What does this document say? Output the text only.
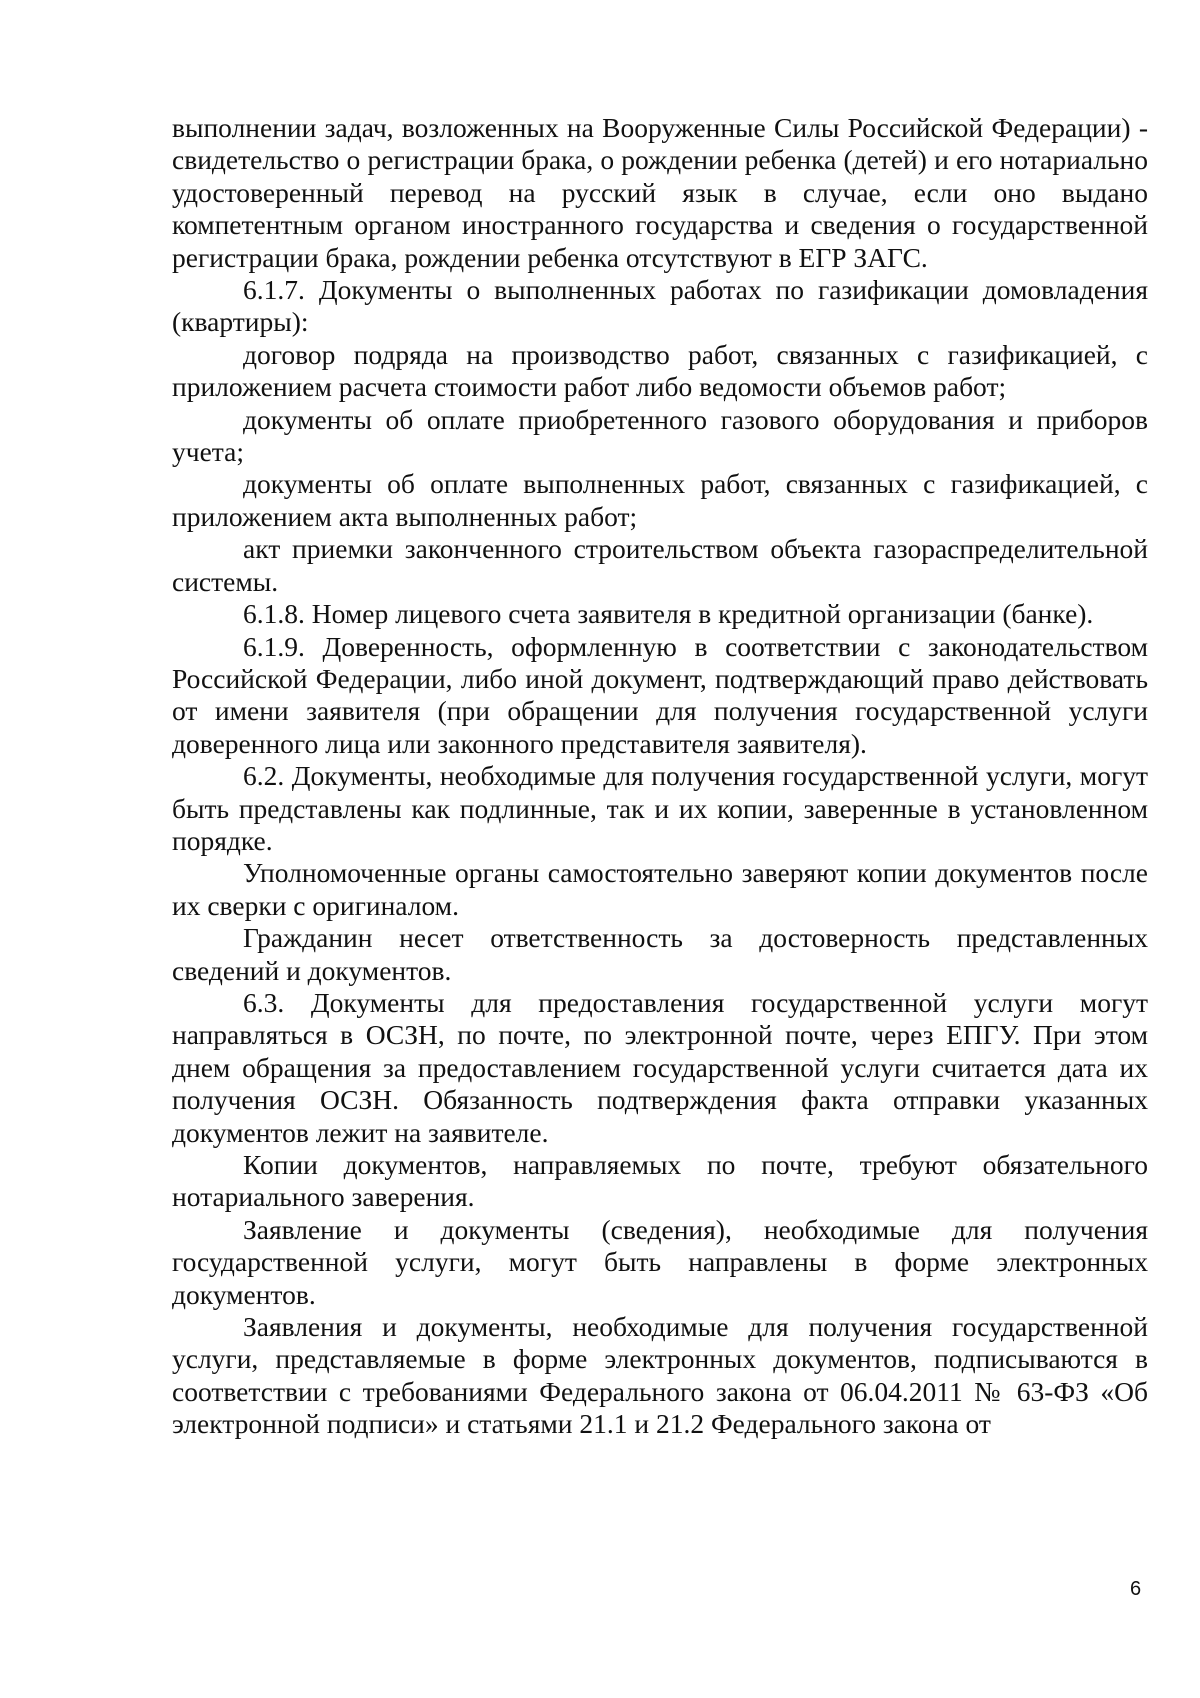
выполнении задач, возложенных на Вооруженные Силы Российской Федерации) - свидетельство о регистрации брака, о рождении ребенка (детей) и его нотариально удостоверенный перевод на русский язык в случае, если оно выдано компетентным органом иностранного государства и сведения о государственной регистрации брака, рождении ребенка отсутствуют в ЕГР ЗАГС.

6.1.7. Документы о выполненных работах по газификации домовладения (квартиры):

договор подряда на производство работ, связанных с газификацией, с приложением расчета стоимости работ либо ведомости объемов работ;

документы об оплате приобретенного газового оборудования и приборов учета;

документы об оплате выполненных работ, связанных с газификацией, с приложением акта выполненных работ;

акт приемки законченного строительством объекта газораспределительной системы.

6.1.8. Номер лицевого счета заявителя в кредитной организации (банке).

6.1.9. Доверенность, оформленную в соответствии с законодательством Российской Федерации, либо иной документ, подтверждающий право действовать от имени заявителя (при обращении для получения государственной услуги доверенного лица или законного представителя заявителя).

6.2. Документы, необходимые для получения государственной услуги, могут быть представлены как подлинные, так и их копии, заверенные в установленном порядке.

Уполномоченные органы самостоятельно заверяют копии документов после их сверки с оригиналом.

Гражданин несет ответственность за достоверность представленных сведений и документов.

6.3. Документы для предоставления государственной услуги могут направляться в ОСЗН, по почте, по электронной почте, через ЕПГУ. При этом днем обращения за предоставлением государственной услуги считается дата их получения ОСЗН. Обязанность подтверждения факта отправки указанных документов лежит на заявителе.

Копии документов, направляемых по почте, требуют обязательного нотариального заверения.

Заявление и документы (сведения), необходимые для получения государственной услуги, могут быть направлены в форме электронных документов.

Заявления и документы, необходимые для получения государственной услуги, представляемые в форме электронных документов, подписываются в соответствии с требованиями Федерального закона от 06.04.2011 № 63-ФЗ «Об электронной подписи» и статьями 21.1 и 21.2 Федерального закона от

6
